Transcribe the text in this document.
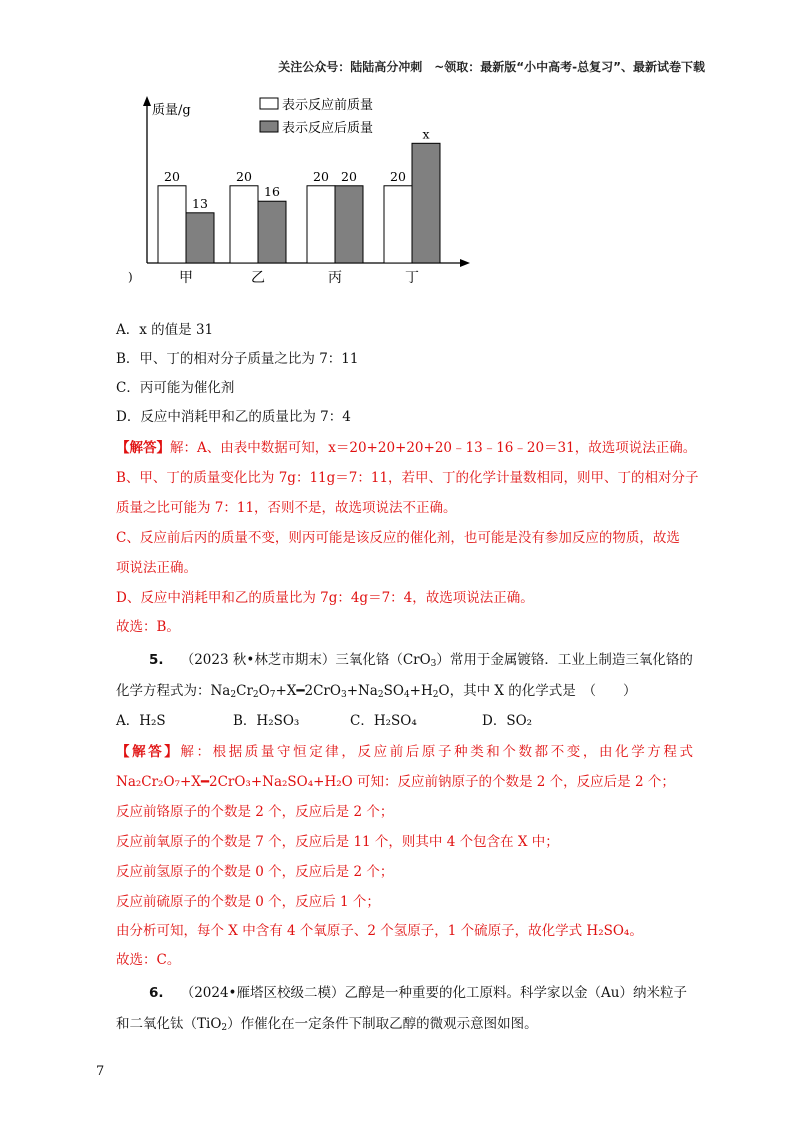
关注公众号：陆陆高分冲刺　~领取：最新版“小中高考-总复习”、最新试卷下载
质量/g	表示反应前质量
表示反应后质量
20
13
甲
20
16
乙
20 20
丙
20
x
丁
)
A．x 的值是 31
B．甲、丁的相对分子质量之比为 7：11
C．丙可能为催化剂
D．反应中消耗甲和乙的质量比为 7：4
【解答】解：A、由表中数据可知，x＝20+20+20+20﹣13﹣16﹣20＝31，故选项说法正确。
B、甲、丁的质量变化比为 7g：11g＝7：11，若甲、丁的化学计量数相同，则甲、丁的相对分子
质量之比可能为 7：11，否则不是，故选项说法不正确。
C、反应前后丙的质量不变，则丙可能是该反应的催化剂，也可能是没有参加反应的物质，故选
项说法正确。
D、反应中消耗甲和乙的质量比为 7g：4g＝7：4，故选项说法正确。
故选：B。
5. （2023 秋•林芝市期末）三氧化铬（CrO$_3$）常用于金属镀铬．工业上制造三氧化铬的
化学方程式为：$Na_2Cr_2O_7+X━2CrO_3+Na_2SO_4+H_2O$，其中 X 的化学式是　（　　）
A．H₂S	B．H₂SO₃	C．H₂SO₄	D．SO₂
【解答】解：根据质量守恒定律，反应前后原子种类和个数都不变，由化学方程式
Na₂Cr₂O₇+X━2CrO₃+Na₂SO₄+H₂O 可知：反应前钠原子的个数是 2 个，反应后是 2 个；
反应前铬原子的个数是 2 个，反应后是 2 个；
反应前氧原子的个数是 7 个，反应后是 11 个，则其中 4 个包含在 X 中；
反应前氢原子的个数是 0 个，反应后是 2 个；
反应前硫原子的个数是 0 个，反应后 1 个；
由分析可知，每个 X 中含有 4 个氧原子、2 个氢原子，1 个硫原子，故化学式 H₂SO₄。
故选：C。
6. （2024•雁塔区校级二模）乙醇是一种重要的化工原料。科学家以金（Au）纳米粒子
和二氧化钛（TiO$_2$）作催化在一定条件下制取乙醇的微观示意图如图。
7
